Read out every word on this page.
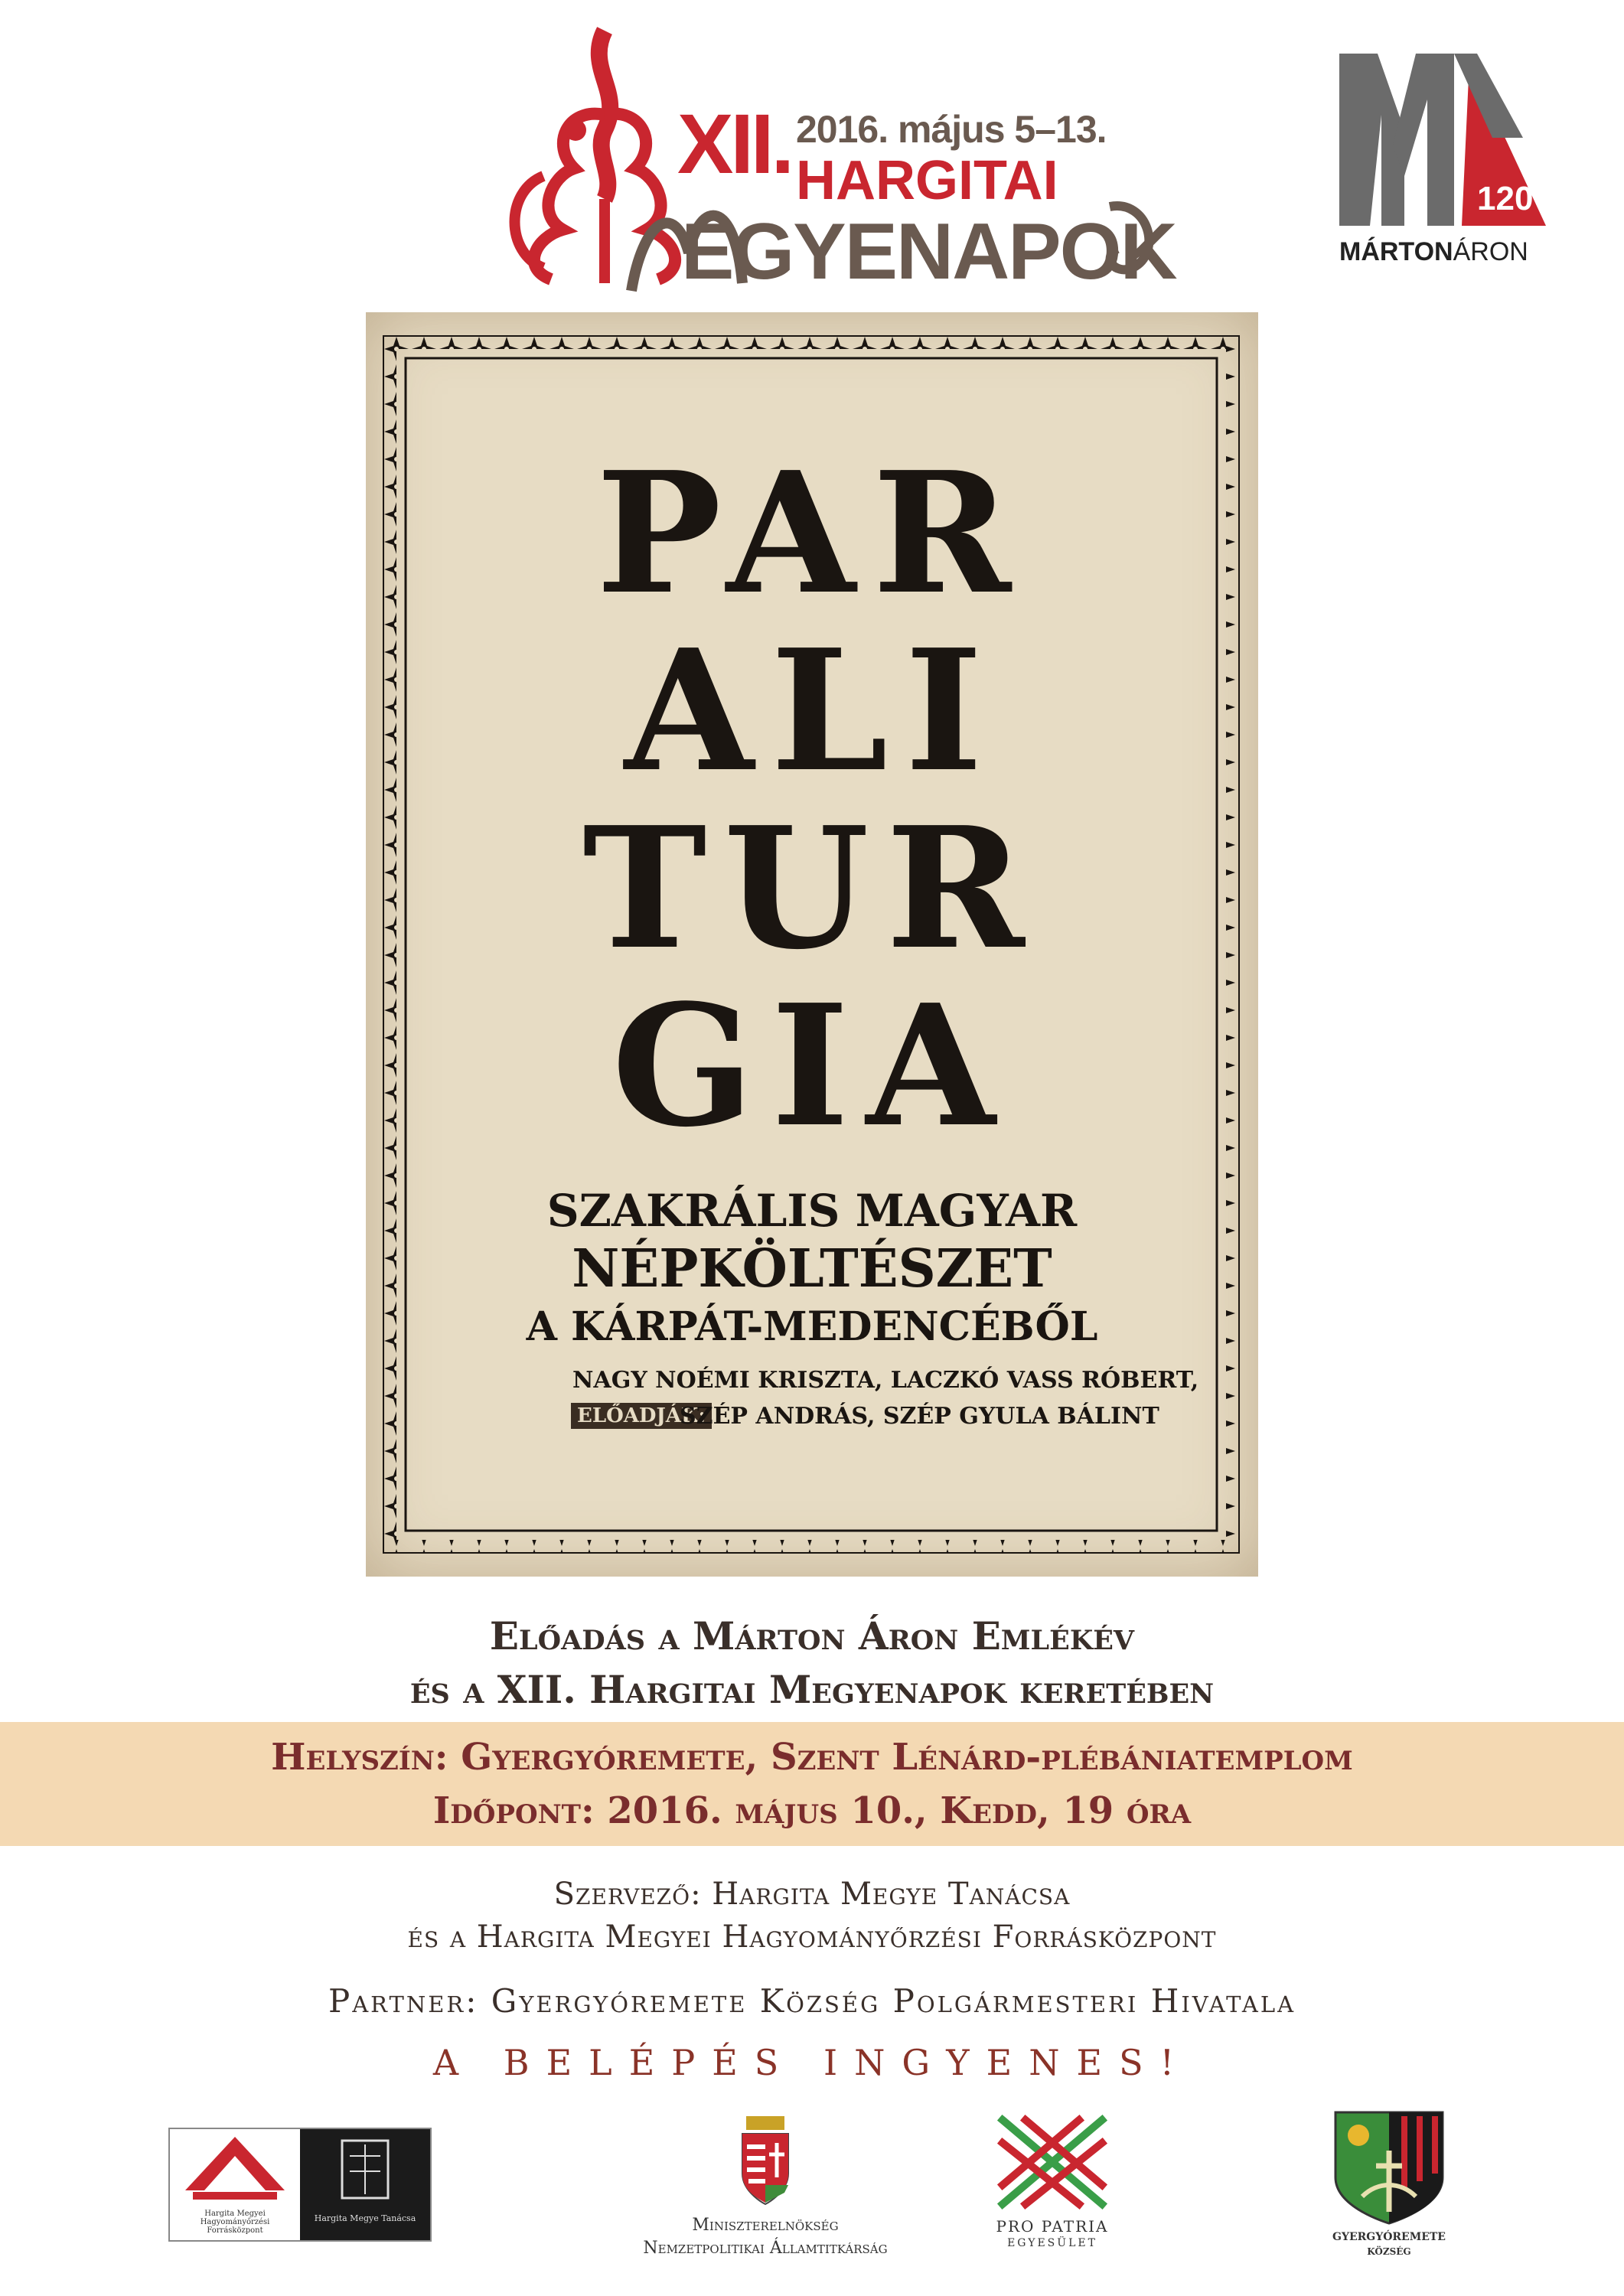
XII. 2016. május 5–13.
HARGITAI
EGYENAPOK
120
MÁRTONÁRON
PAR
ALI
TUR
GIA
SZAKRÁLIS MAGYAR
NÉPKÖLTÉSZET
A KÁRPÁT-MEDENCÉBŐL
NAGY NOÉMI KRISZTA, LACZKÓ VASS RÓBERT,
ELŐADJÁK:
SZÉP ANDRÁS, SZÉP GYULA BÁLINT
Előadás a Márton Áron Emlékév
és a XII. Hargitai Megyenapok keretében
Helyszín: Gyergyóremete, Szent Lénárd-plébániatemplom
Időpont: 2016. május 10., Kedd, 19 óra
Szervező: Hargita Megye Tanácsa
és a Hargita Megyei Hagyományőrzési Forrásközpont
Partner: Gyergyóremete Község Polgármesteri Hivatala
A BELÉPÉS INGYENES!
Hargita Megyei Hagyományőrzési Forrásközpont
Hargita Megye Tanácsa	Miniszterelnökség
Nemzetpolitikai Államtitkárság
PRO PATRIA
EGYESÜLET	GYERGYÓREMETE
KÖZSÉG
